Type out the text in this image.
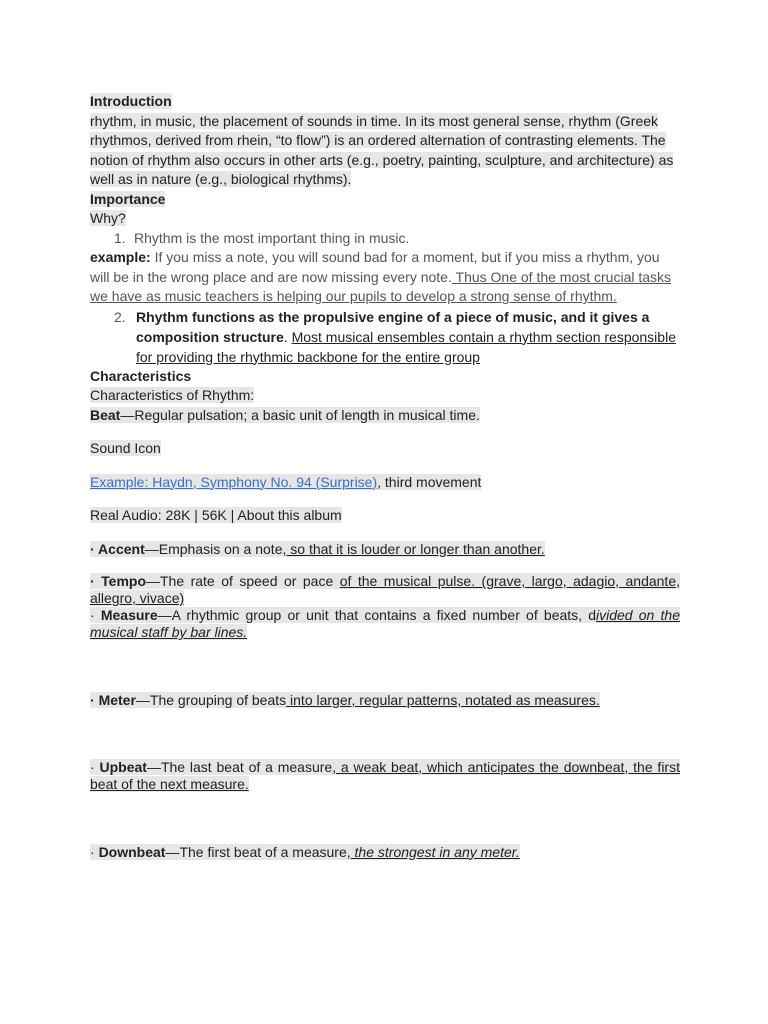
Introduction

rhythm, in music, the placement of sounds in time. In its most general sense, rhythm (Greek rhythmos, derived from rhein, “to flow”) is an ordered alternation of contrasting elements. The notion of rhythm also occurs in other arts (e.g., poetry, painting, sculpture, and architecture) as well as in nature (e.g., biological rhythms).

Importance

Why?

1. Rhythm is the most important thing in music.

example: If you miss a note, you will sound bad for a moment, but if you miss a rhythm, you will be in the wrong place and are now missing every note. Thus One of the most crucial tasks we have as music teachers is helping our pupils to develop a strong sense of rhythm.

2. Rhythm functions as the propulsive engine of a piece of music, and it gives a composition structure. Most musical ensembles contain a rhythm section responsible for providing the rhythmic backbone for the entire group

Characteristics

Characteristics of Rhythm:

Beat—Regular pulsation; a basic unit of length in musical time.

Sound Icon

Example: Haydn, Symphony No. 94 (Surprise), third movement

Real Audio: 28K | 56K | About this album

· Accent—Emphasis on a note, so that it is louder or longer than another.

· Tempo—The rate of speed or pace of the musical pulse. (grave, largo, adagio, andante, allegro, vivace)

· Measure—A rhythmic group or unit that contains a fixed number of beats, divided on the musical staff by bar lines.

· Meter—The grouping of beats into larger, regular patterns, notated as measures.

· Upbeat—The last beat of a measure, a weak beat, which anticipates the downbeat, the first beat of the next measure.

· Downbeat—The first beat of a measure, the strongest in any meter.
